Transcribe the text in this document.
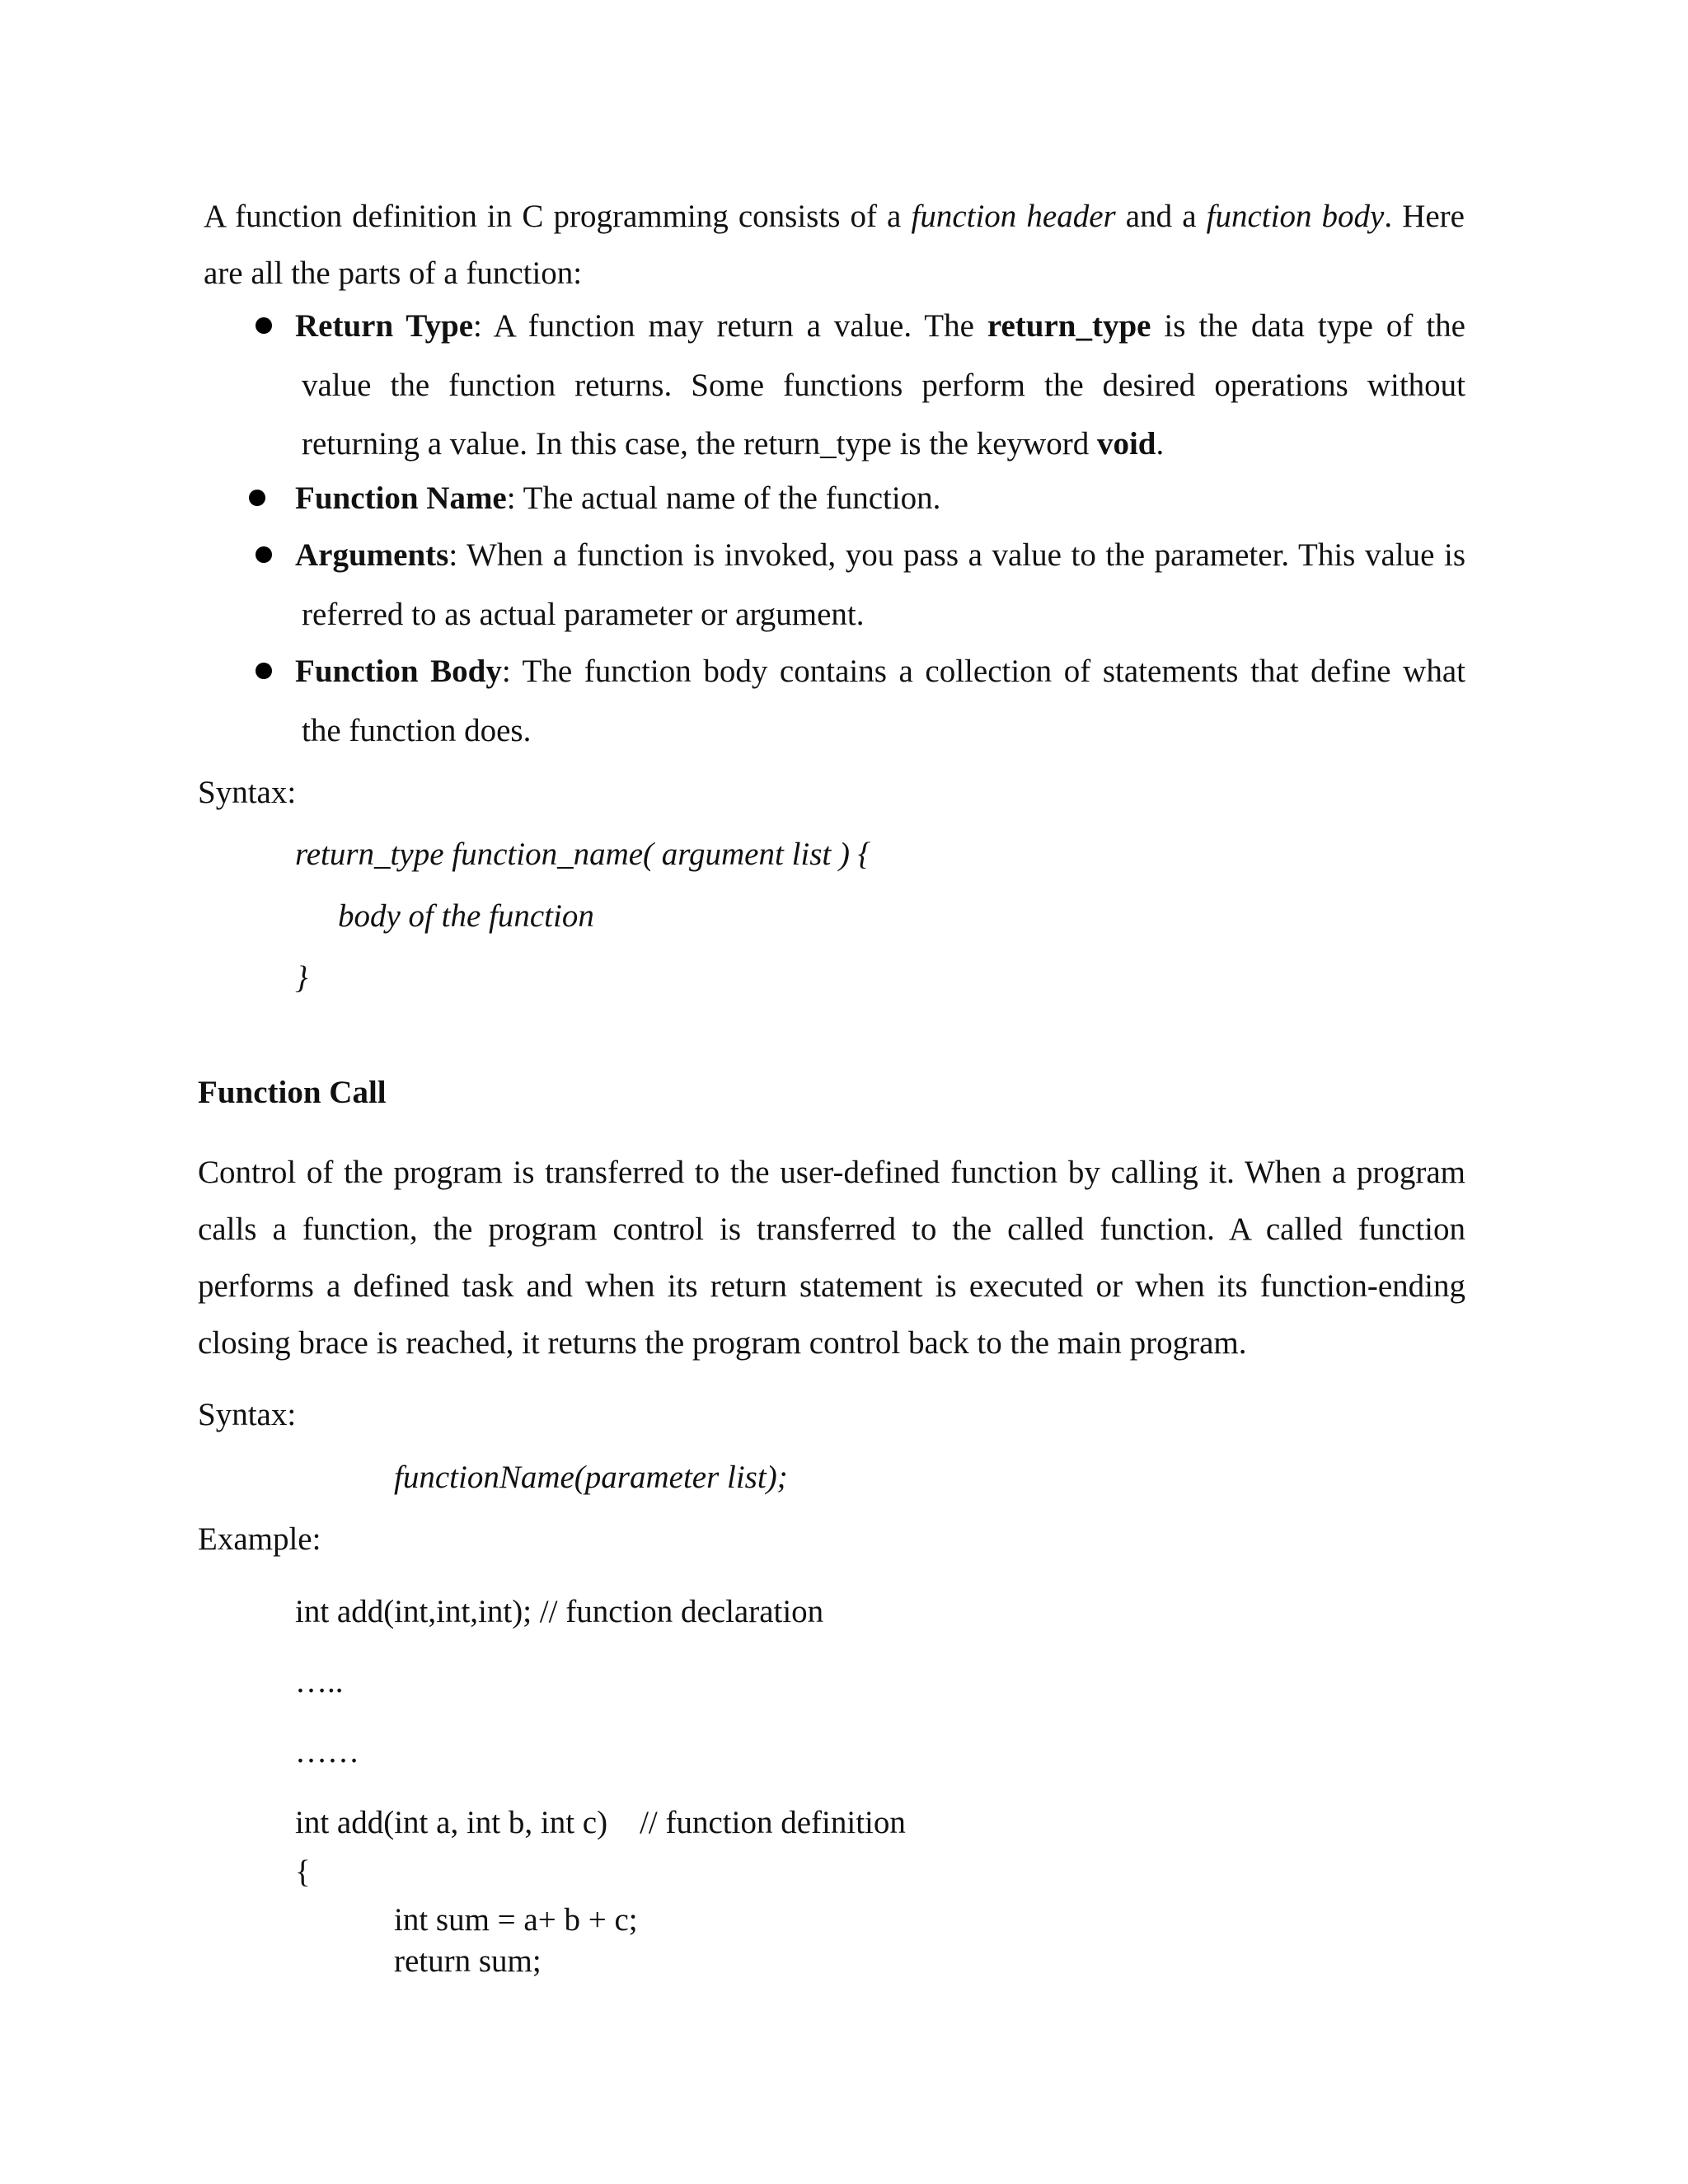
A function definition in C programming consists of a function header and a function body. Here
are all the parts of a function:
Return Type: A function may return a value. The return_type is the data type of the
value the function returns. Some functions perform the desired operations without
returning a value. In this case, the return_type is the keyword void.
Function Name: The actual name of the function.
Arguments: When a function is invoked, you pass a value to the parameter. This value is
referred to as actual parameter or argument.
Function Body: The function body contains a collection of statements that define what
the function does.
Syntax:
return_type function_name( argument list ) {
body of the function
}
Function Call
Control of the program is transferred to the user-defined function by calling it. When a program
calls a function, the program control is transferred to the called function. A called function
performs a defined task and when its return statement is executed or when its function-ending
closing brace is reached, it returns the program control back to the main program.
Syntax:
functionName(parameter list);
Example:
int add(int,int,int); // function declaration
…..
……
int add(int a, int b, int c)    // function definition
{
int sum = a+ b + c;
return sum;
